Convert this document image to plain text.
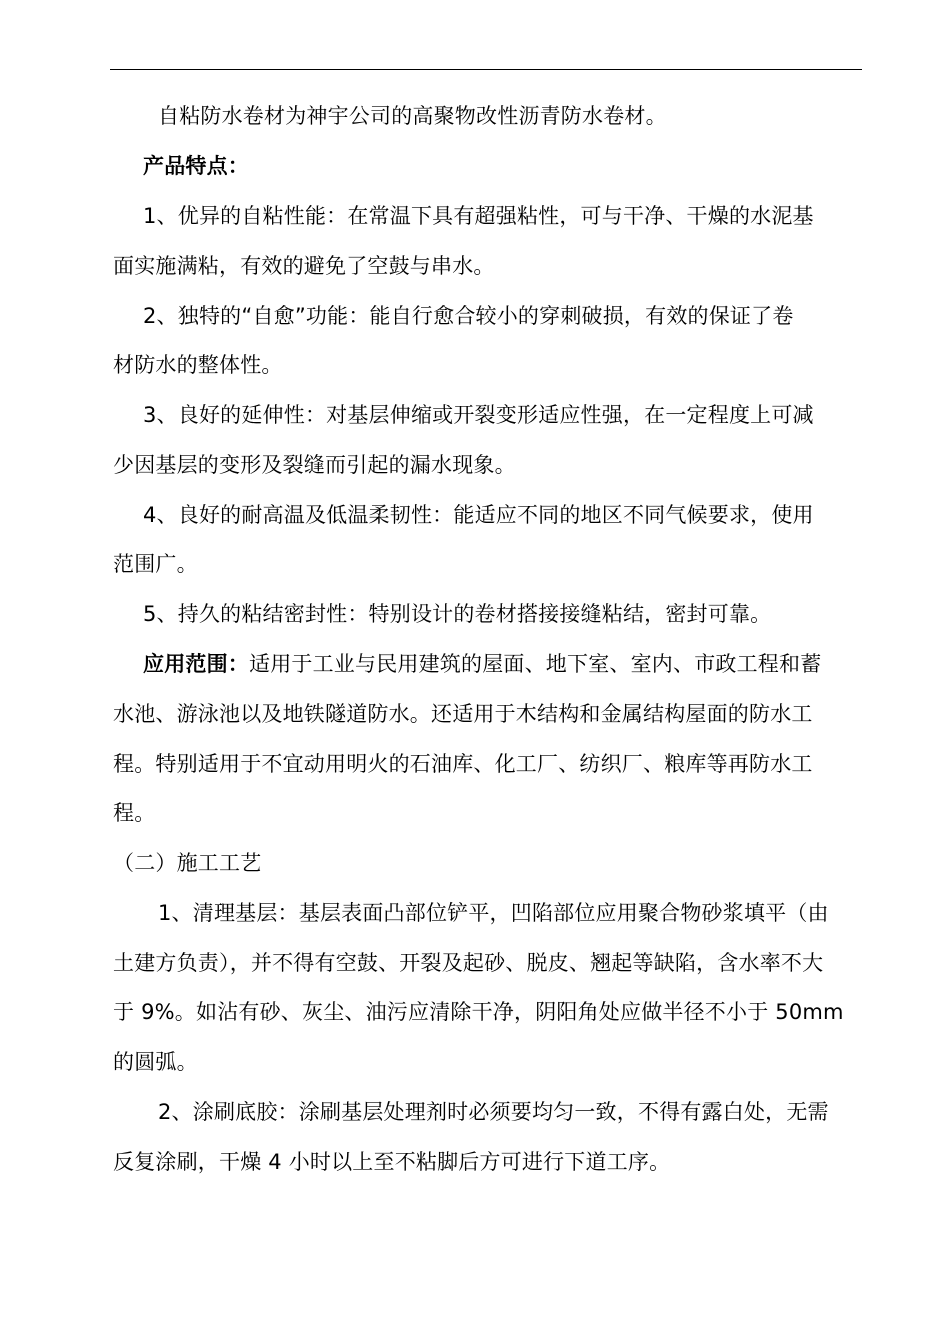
自粘防水卷材为神宇公司的高聚物改性沥青防水卷材。
产品特点：
1、优异的自粘性能：在常温下具有超强粘性，可与干净、干燥的水泥基
面实施满粘，有效的避免了空鼓与串水。
2、独特的“自愈”功能：能自行愈合较小的穿刺破损，有效的保证了卷
材防水的整体性。
3、良好的延伸性：对基层伸缩或开裂变形适应性强，在一定程度上可减
少因基层的变形及裂缝而引起的漏水现象。
4、良好的耐高温及低温柔韧性：能适应不同的地区不同气候要求，使用
范围广。
5、持久的粘结密封性：特别设计的卷材搭接接缝粘结，密封可靠。
应用范围：适用于工业与民用建筑的屋面、地下室、室内、市政工程和蓄
水池、游泳池以及地铁隧道防水。还适用于木结构和金属结构屋面的防水工
程。特别适用于不宜动用明火的石油库、化工厂、纺织厂、粮库等再防水工
程。
（二）施工工艺
1、清理基层：基层表面凸部位铲平，凹陷部位应用聚合物砂浆填平（由
土建方负责），并不得有空鼓、开裂及起砂、脱皮、翘起等缺陷，含水率不大
于 9%。如沾有砂、灰尘、油污应清除干净，阴阳角处应做半径不小于 50mm
的圆弧。
2、涂刷底胶：涂刷基层处理剂时必须要均匀一致，不得有露白处，无需
反复涂刷，干燥 4 小时以上至不粘脚后方可进行下道工序。
